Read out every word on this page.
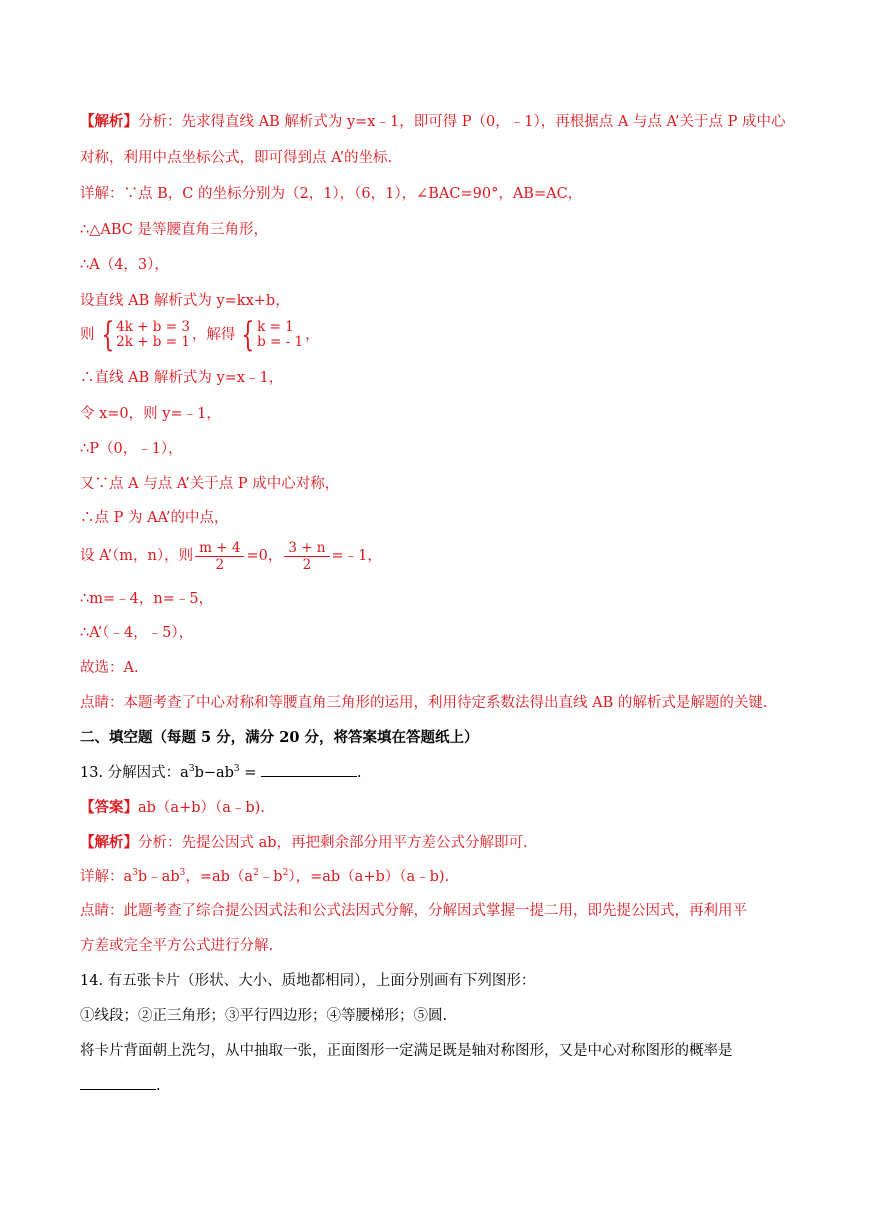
【解析】分析：先求得直线 AB 解析式为 y=x﹣1，即可得 P（0，﹣1），再根据点 A 与点 A’关于点 P 成中心
对称，利用中点坐标公式，即可得到点 A’的坐标.
详解：∵点 B，C 的坐标分别为（2，1），（6，1），∠BAC=90°，AB=AC，
∴△ABC 是等腰直角三角形，
∴A（4，3），
设直线 AB 解析式为 y=kx+b，
则 { 4k + b = 3
2k + b = 1 ，解得 { k = 1
b = - 1 ，
∴直线 AB 解析式为 y=x﹣1，
令 x=0，则 y=﹣1，
∴P（0，﹣1），
又∵点 A 与点 A’关于点 P 成中心对称，
∴点 P 为 AA’的中点，
设 A’（m，n），则 $\frac{m + 4}{2} =0$， $\frac{3 + n}{2}$ =﹣1，
∴m=﹣4，n=﹣5，
∴A’（﹣4，﹣5），
故选：A.
点睛：本题考查了中心对称和等腰直角三角形的运用，利用待定系数法得出直线 AB 的解析式是解题的关键.
二、填空题（每题 5 分，满分 20 分，将答案填在答题纸上）
13. 分解因式：$a^3b-ab^3$ =	.
【答案】ab（a+b）（a﹣b).
【解析】分析：先提公因式 ab，再把剩余部分用平方差公式分解即可.
详解：$a^3b﹣ab^3$，$=ab(a^2﹣b^2)$，=ab（a+b）（a﹣b).
点睛：此题考查了综合提公因式法和公式法因式分解，分解因式掌握一提二用，即先提公因式，再利用平
方差或完全平方公式进行分解.
14. 有五张卡片（形状、大小、质地都相同），上面分别画有下列图形：
①线段；②正三角形；③平行四边形；④等腰梯形；⑤圆.
将卡片背面朝上洗匀，从中抽取一张，正面图形一定满足既是轴对称图形，又是中心对称图形的概率是
.
